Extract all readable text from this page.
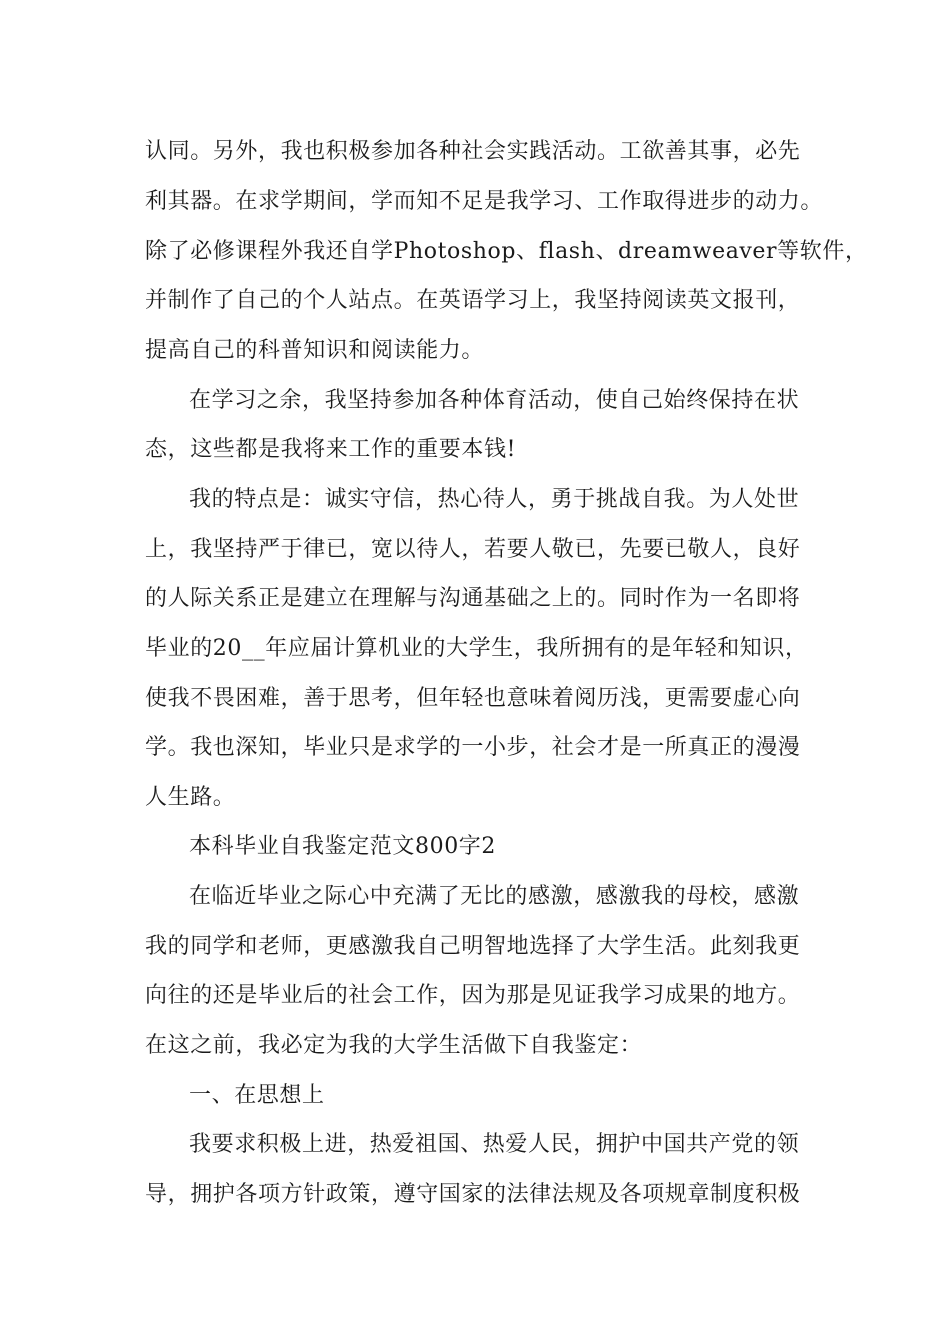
认同。另外，我也积极参加各种社会实践活动。工欲善其事，必先
利其器。在求学期间，学而知不足是我学习、工作取得进步的动力。
除了必修课程外我还自学Photoshop、flash、dreamweaver等软件，
并制作了自己的个人站点。在英语学习上，我坚持阅读英文报刊，
提高自己的科普知识和阅读能力。
在学习之余，我坚持参加各种体育活动，使自己始终保持在状
态，这些都是我将来工作的重要本钱!
我的特点是：诚实守信，热心待人，勇于挑战自我。为人处世
上，我坚持严于律已，宽以待人，若要人敬已，先要已敬人，良好
的人际关系正是建立在理解与沟通基础之上的。同时作为一名即将
毕业的20__年应届计算机业的大学生，我所拥有的是年轻和知识，
使我不畏困难，善于思考，但年轻也意味着阅历浅，更需要虚心向
学。我也深知，毕业只是求学的一小步，社会才是一所真正的漫漫
人生路。
本科毕业自我鉴定范文800字2
在临近毕业之际心中充满了无比的感激，感激我的母校，感激
我的同学和老师，更感激我自己明智地选择了大学生活。此刻我更
向往的还是毕业后的社会工作，因为那是见证我学习成果的地方。
在这之前，我必定为我的大学生活做下自我鉴定：
一、在思想上
我要求积极上进，热爱祖国、热爱人民，拥护中国共产党的领
导，拥护各项方针政策，遵守国家的法律法规及各项规章制度积极
